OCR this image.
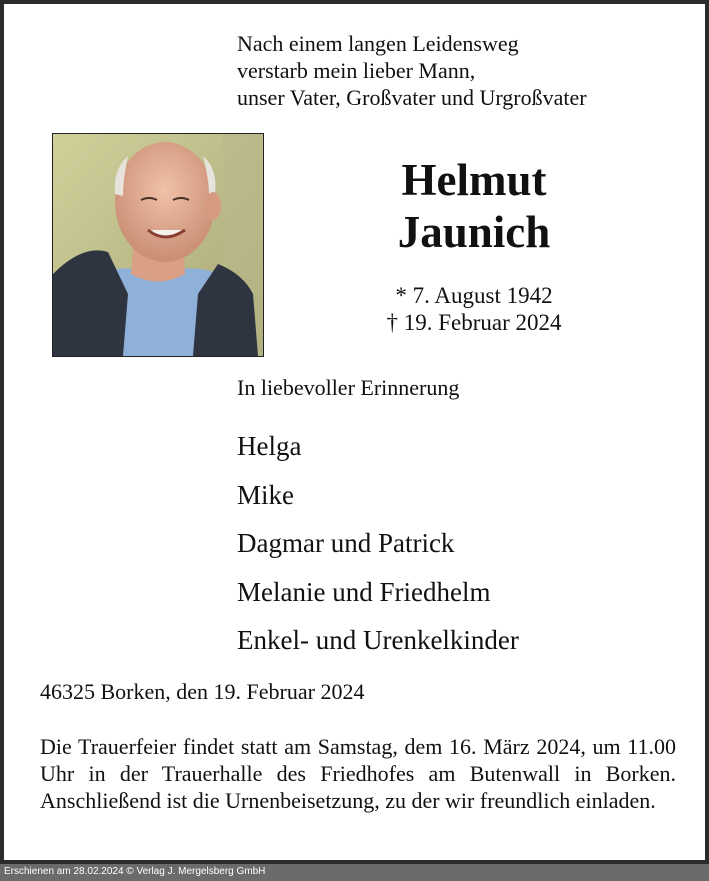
Nach einem langen Leidensweg
verstarb mein lieber Mann,
unser Vater, Großvater und Urgroßvater
Helmut
Jaunich
* 7. August 1942
† 19. Februar 2024
In liebevoller Erinnerung
Helga
Mike
Dagmar und Patrick
Melanie und Friedhelm
Enkel- und Urenkelkinder
46325 Borken, den 19. Februar 2024
Die Trauerfeier findet statt am Samstag, dem 16. März 2024, um 11.00 Uhr in der Trauerhalle des Friedhofes am Butenwall in Borken. Anschließend ist die Urnenbeisetzung, zu der wir freundlich einladen.
Erschienen am 28.02.2024 © Verlag J. Mergelsberg GmbH
